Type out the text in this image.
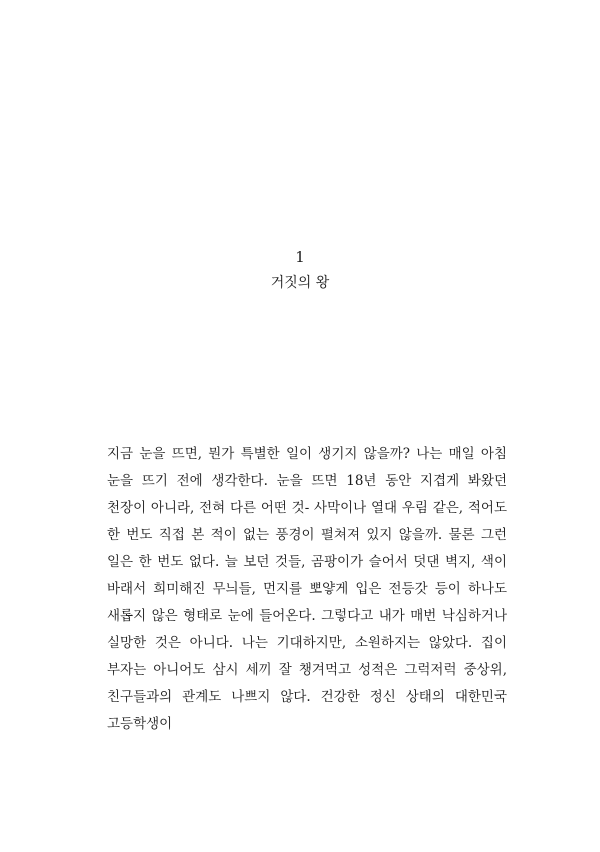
1
거짓의 왕

지금 눈을 뜨면, 뭔가 특별한 일이 생기지 않을까? 나는 매일 아침 눈을 뜨기 전에 생각한다. 눈을 뜨면 18년 동안 지겹게 봐왔던 천장이 아니라, 전혀 다른 어떤 것- 사막이나 열대 우림 같은, 적어도 한 번도 직접 본 적이 없는 풍경이 펼쳐져 있지 않을까. 물론 그런 일은 한 번도 없다. 늘 보던 것들, 곰팡이가 슬어서 덧댄 벽지, 색이 바래서 희미해진 무늬들, 먼지를 뽀얗게 입은 전등갓 등이 하나도 새롭지 않은 형태로 눈에 들어온다. 그렇다고 내가 매번 낙심하거나 실망한 것은 아니다. 나는 기대하지만, 소원하지는 않았다. 집이 부자는 아니어도 삼시 세끼 잘 챙겨먹고 성적은 그럭저럭 중상위, 친구들과의 관계도 나쁘지 않다. 건강한 정신 상태의 대한민국 고등학생이
